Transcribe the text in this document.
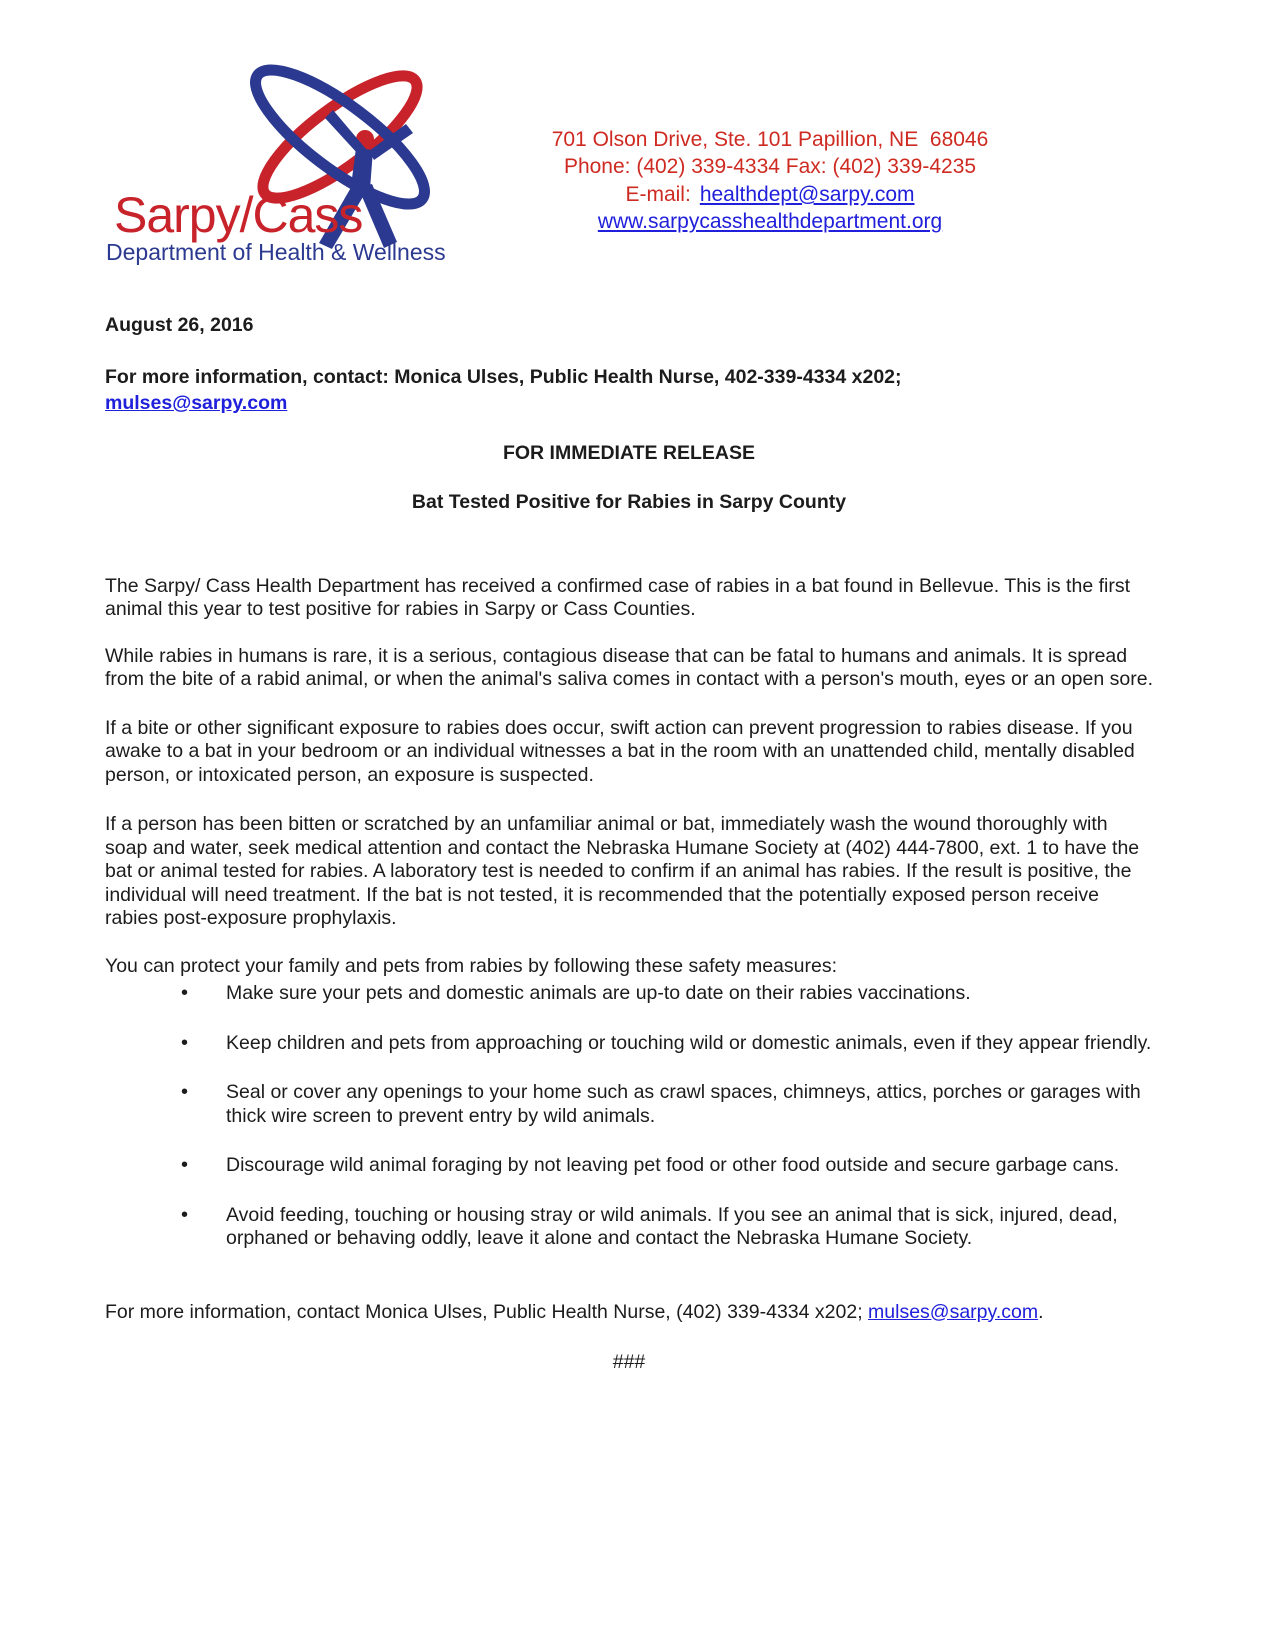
Sarpy/Cass
Department of Health & Wellness
701 Olson Drive, Ste. 101 Papillion, NE  68046
Phone: (402) 339-4334 Fax: (402) 339-4235
E-mail: healthdept@sarpy.com
www.sarpycasshealthdepartment.org

August 26, 2016

For more information, contact: Monica Ulses, Public Health Nurse, 402-339-4334 x202;
mulses@sarpy.com

FOR IMMEDIATE RELEASE

Bat Tested Positive for Rabies in Sarpy County

The Sarpy/ Cass Health Department has received a confirmed case of rabies in a bat found in Bellevue. This is the first animal this year to test positive for rabies in Sarpy or Cass Counties.

While rabies in humans is rare, it is a serious, contagious disease that can be fatal to humans and animals. It is spread from the bite of a rabid animal, or when the animal's saliva comes in contact with a person's mouth, eyes or an open sore.

If a bite or other significant exposure to rabies does occur, swift action can prevent progression to rabies disease. If you awake to a bat in your bedroom or an individual witnesses a bat in the room with an unattended child, mentally disabled person, or intoxicated person, an exposure is suspected.

If a person has been bitten or scratched by an unfamiliar animal or bat, immediately wash the wound thoroughly with soap and water, seek medical attention and contact the Nebraska Humane Society at (402) 444-7800, ext. 1 to have the bat or animal tested for rabies. A laboratory test is needed to confirm if an animal has rabies. If the result is positive, the individual will need treatment. If the bat is not tested, it is recommended that the potentially exposed person receive rabies post-exposure prophylaxis.

You can protect your family and pets from rabies by following these safety measures:

• Make sure your pets and domestic animals are up-to date on their rabies vaccinations.
• Keep children and pets from approaching or touching wild or domestic animals, even if they appear friendly.
• Seal or cover any openings to your home such as crawl spaces, chimneys, attics, porches or garages with thick wire screen to prevent entry by wild animals.
• Discourage wild animal foraging by not leaving pet food or other food outside and secure garbage cans.
• Avoid feeding, touching or housing stray or wild animals. If you see an animal that is sick, injured, dead, orphaned or behaving oddly, leave it alone and contact the Nebraska Humane Society.

For more information, contact Monica Ulses, Public Health Nurse, (402) 339-4334 x202; mulses@sarpy.com.

###
